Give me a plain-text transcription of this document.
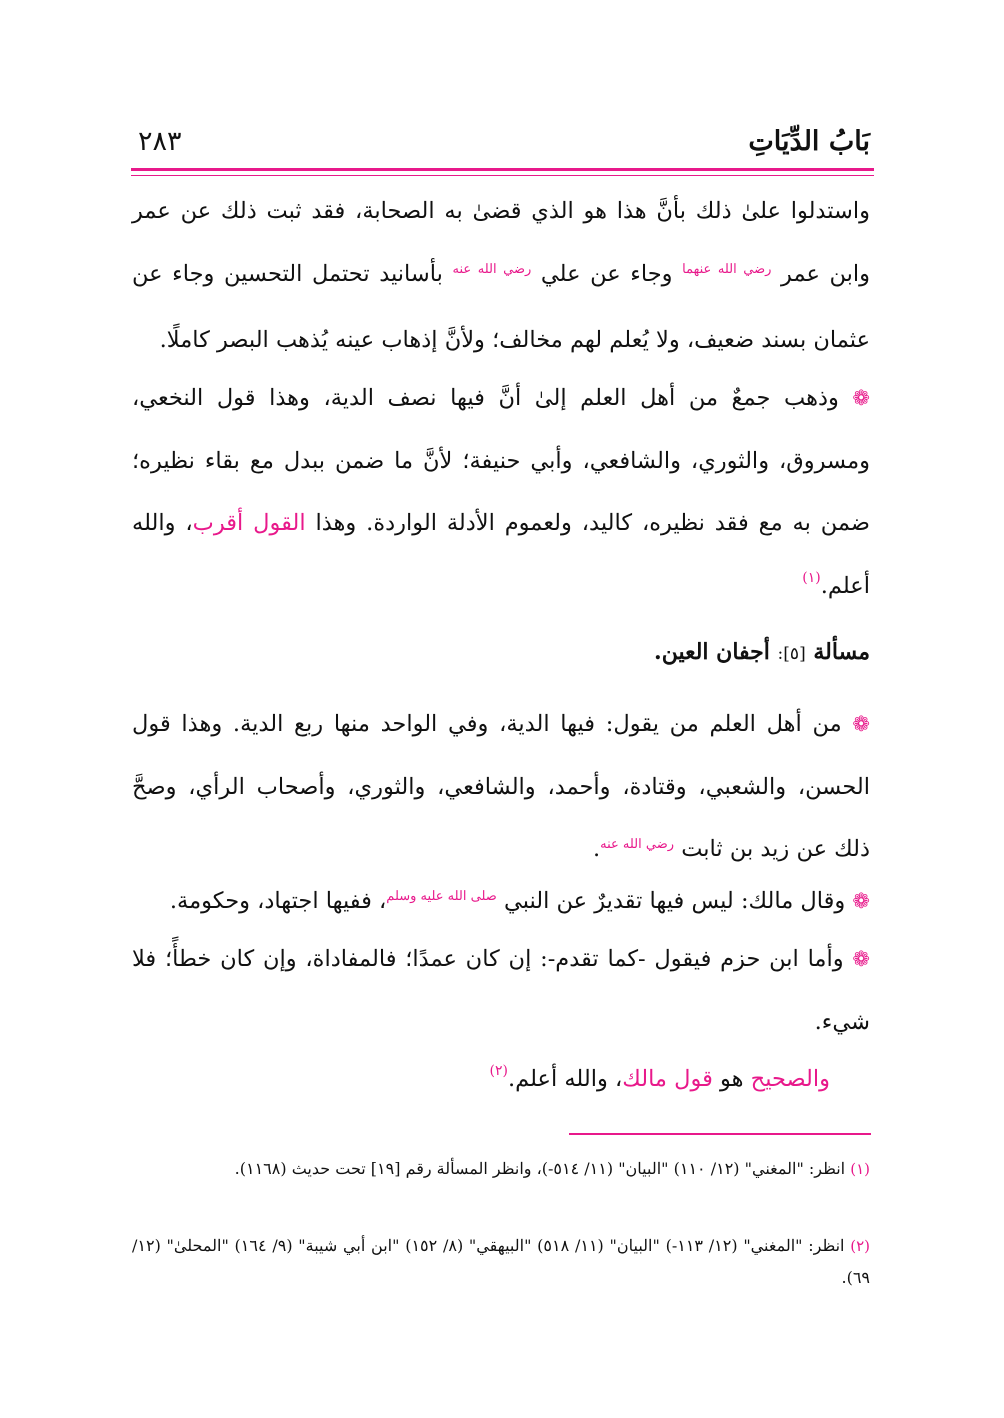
بَابُ الدِّيَاتِ
٢٨٣

واستدلوا علىٰ ذلك بأنَّ هذا هو الذي قضىٰ به الصحابة، فقد ثبت ذلك عن عمر وابن عمر $^{رضي الله عنهما}$ وجاء عن علي $^{رضي الله عنه}$ بأسانيد تحتمل التحسين وجاء عن عثمان بسند ضعيف، ولا يُعلم لهم مخالف؛ ولأنَّ إذهاب عينه يُذهب البصر كاملًا.

❁ وذهب جمعٌ من أهل العلم إلىٰ أنَّ فيها نصف الدية، وهذا قول النخعي، ومسروق، والثوري، والشافعي، وأبي حنيفة؛ لأنَّ ما ضمن ببدل مع بقاء نظيره؛ ضمن به مع فقد نظيره، كاليد، ولعموم الأدلة الواردة. وهذا القول أقرب، والله أعلم.$^{(١)}$

مسألة [٥]: أجفان العين.

❁ من أهل العلم من يقول: فيها الدية، وفي الواحد منها ربع الدية. وهذا قول الحسن، والشعبي، وقتادة، وأحمد، والشافعي، والثوري، وأصحاب الرأي، وصحَّ ذلك عن زيد بن ثابت $^{رضي الله عنه}$.

❁ وقال مالك: ليس فيها تقديرٌ عن النبي $^{صلى الله عليه وسلم}$، ففيها اجتهاد، وحكومة.

❁ وأما ابن حزم فيقول -كما تقدم-: إن كان عمدًا؛ فالمفاداة، وإن كان خطأً؛ فلا شيء.

والصحيح هو قول مالك، والله أعلم.$^{(٢)}$

(١) انظر: "المغني" (١٢/ ١١٠) "البيان" (١١/ ٥١٤-)، وانظر المسألة رقم [١٩] تحت حديث (١١٦٨).

(٢) انظر: "المغني" (١٢/ ١١٣-) "البيان" (١١/ ٥١٨) "البيهقي" (٨/ ١٥٢) "ابن أبي شيبة" (٩/ ١٦٤) "المحلىٰ" (١٢/ ٦٩).
